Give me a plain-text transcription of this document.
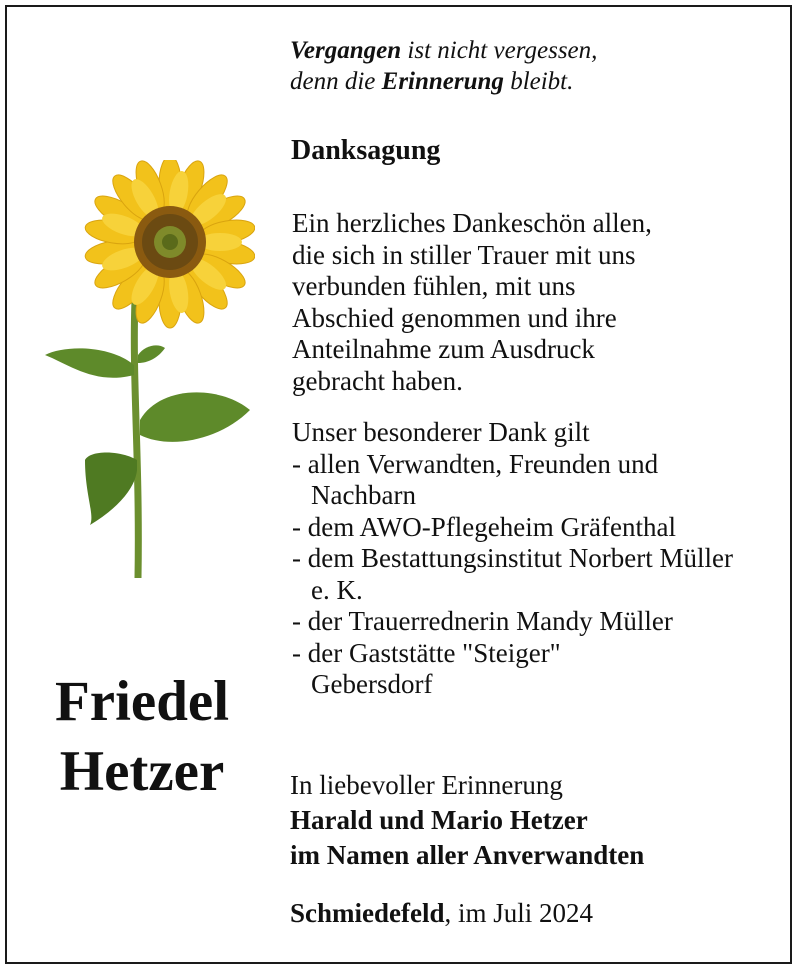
Vergangen ist nicht vergessen,
denn die Erinnerung bleibt.
Danksagung
Ein herzliches Dankeschön allen,
die sich in stiller Trauer mit uns
verbunden fühlen, mit uns
Abschied genommen und ihre
Anteilnahme zum Ausdruck
gebracht haben.
Unser besonderer Dank gilt
- allen Verwandten, Freunden und Nachbarn
- dem AWO-Pflegeheim Gräfenthal
- dem Bestattungsinstitut Norbert Müller e. K.
- der Trauerrednerin Mandy Müller
- der Gaststätte "Steiger" Gebersdorf
Friedel
Hetzer	In liebevoller Erinnerung
Harald und Mario Hetzer
im Namen aller Anverwandten
Schmiedefeld, im Juli 2024
